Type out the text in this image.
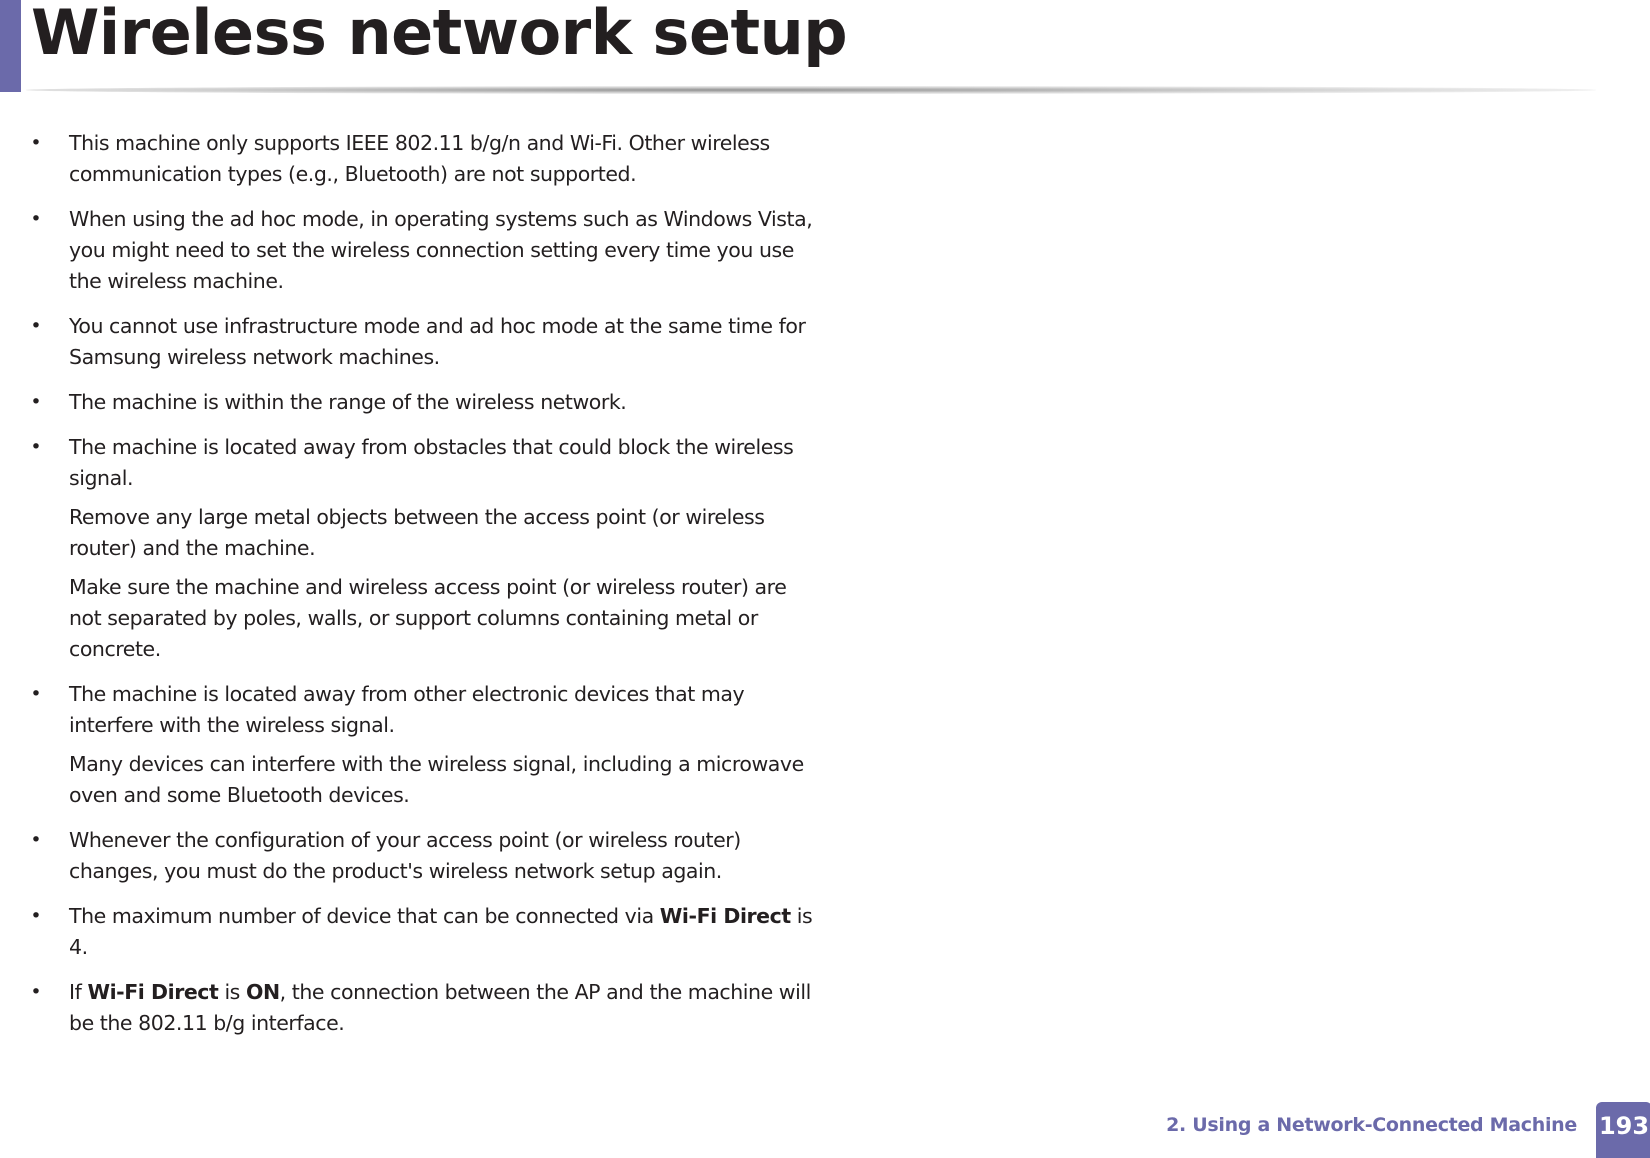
Wireless network setup
• This machine only supports IEEE 802.11 b/g/n and Wi-Fi. Other wireless communication types (e.g., Bluetooth) are not supported.

• When using the ad hoc mode, in operating systems such as Windows Vista, you might need to set the wireless connection setting every time you use the wireless machine.

• You cannot use infrastructure mode and ad hoc mode at the same time for Samsung wireless network machines.

• The machine is within the range of the wireless network.

• The machine is located away from obstacles that could block the wireless signal.

Remove any large metal objects between the access point (or wireless router) and the machine.

Make sure the machine and wireless access point (or wireless router) are not separated by poles, walls, or support columns containing metal or concrete.

• The machine is located away from other electronic devices that may interfere with the wireless signal.

Many devices can interfere with the wireless signal, including a microwave oven and some Bluetooth devices.

• Whenever the configuration of your access point (or wireless router) changes, you must do the product's wireless network setup again.

• The maximum number of device that can be connected via Wi-Fi Direct is 4.

• If Wi-Fi Direct is ON, the connection between the AP and the machine will be the 802.11 b/g interface.

2. Using a Network-Connected Machine 193
